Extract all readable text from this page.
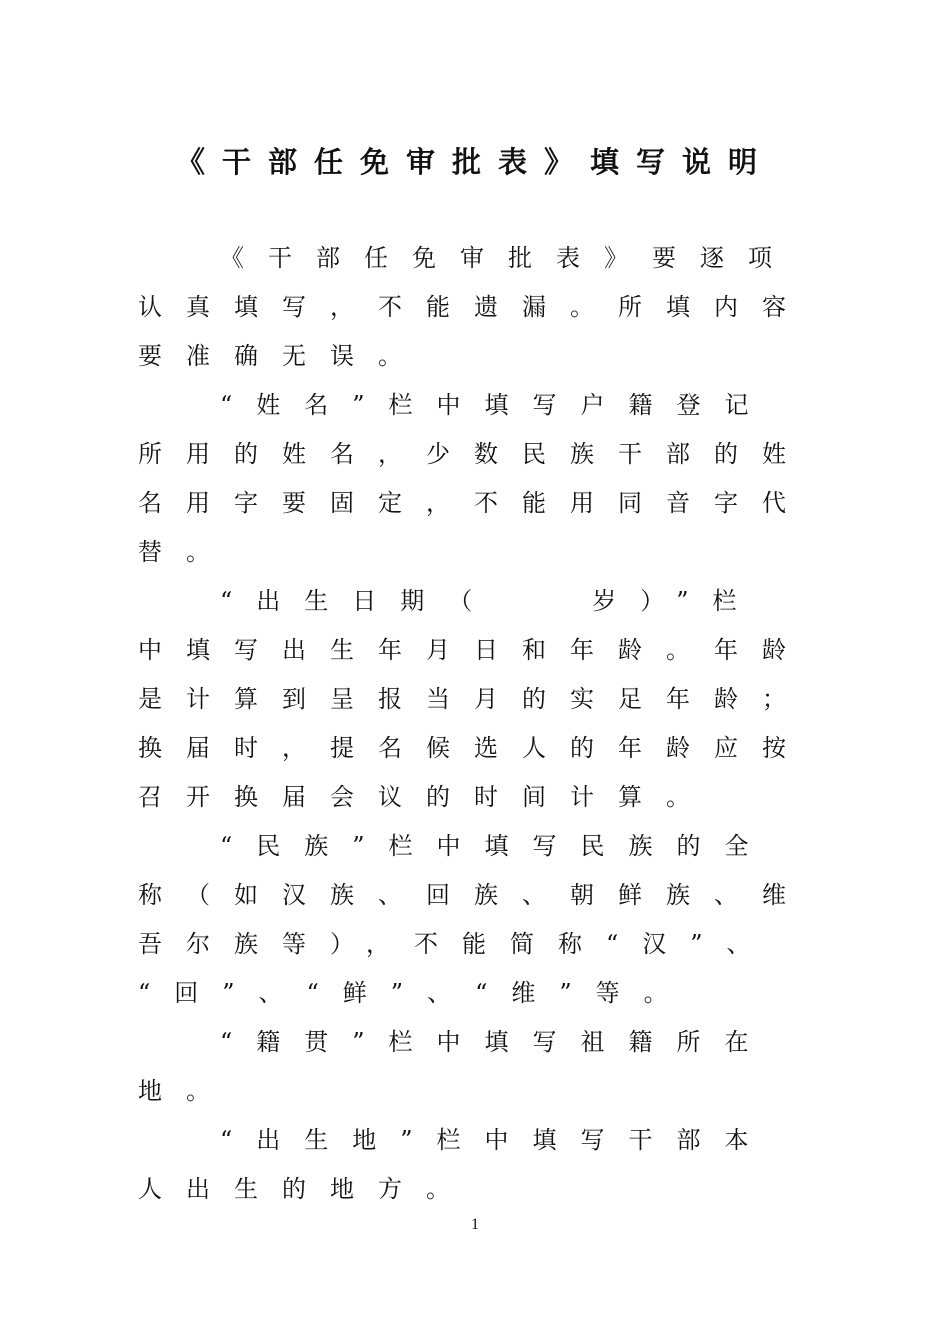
《干部任免审批表》填写说明
《干部任免审批表》要逐项
认真填写，不能遗漏。所填内容
要准确无误。
“姓名”栏中填写户籍登记
所用的姓名，少数民族干部的姓
名用字要固定，不能用同音字代
替。
“出生日期（　　岁）”栏
中填写出生年月日和年龄。年龄
是计算到呈报当月的实足年龄；
换届时，提名候选人的年龄应按
召开换届会议的时间计算。
“民族”栏中填写民族的全
称（如汉族、回族、朝鲜族、维
吾尔族等），不能简称“汉”、
“回”、“鲜”、“维”等。
“籍贯”栏中填写祖籍所在
地。
“出生地”栏中填写干部本
人出生的地方。
1
